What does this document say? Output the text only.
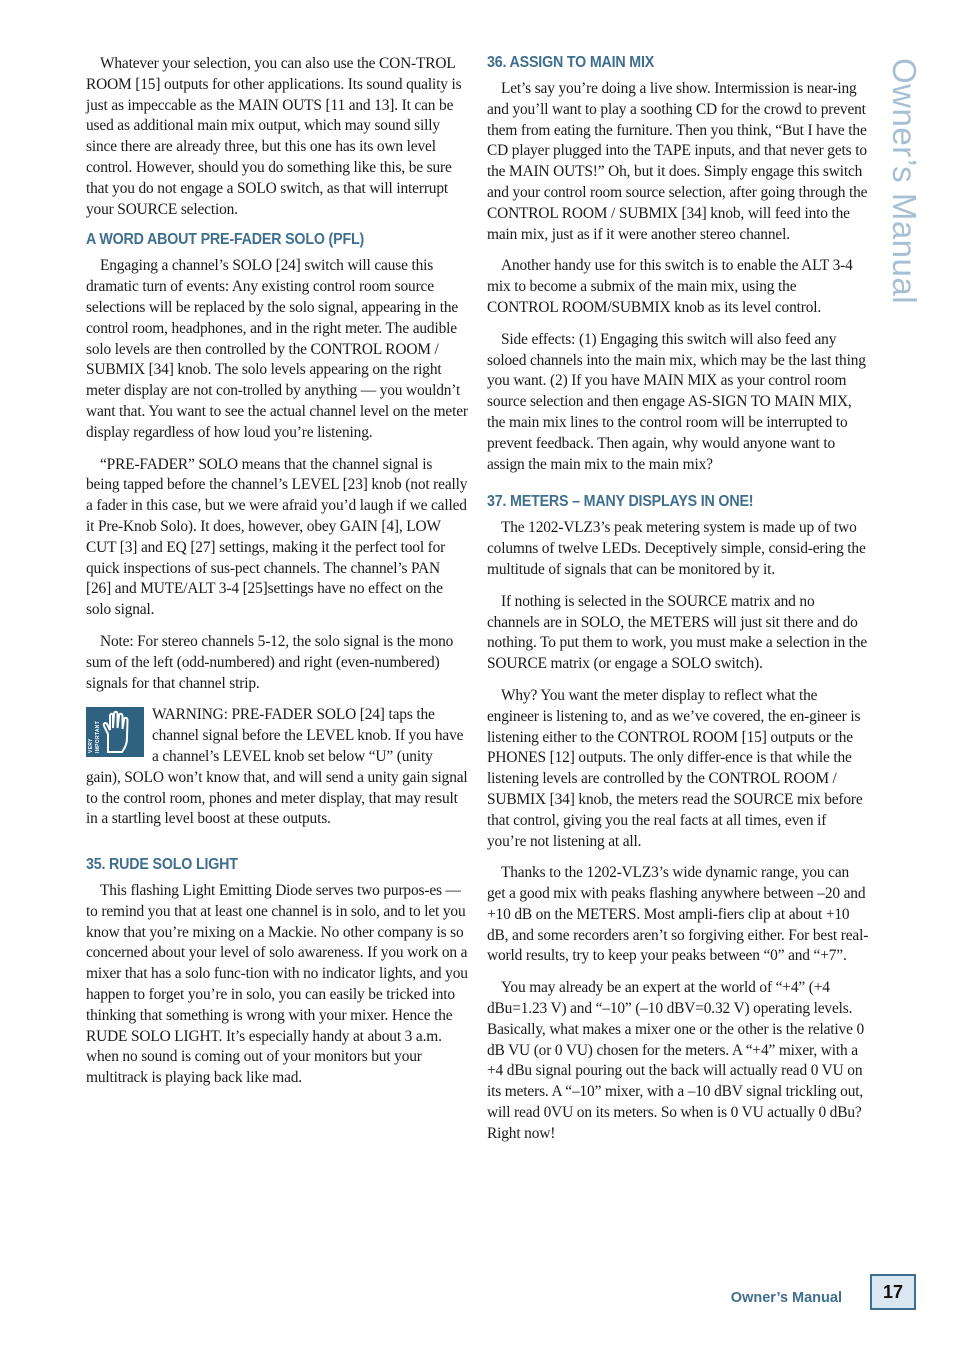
Whatever your selection, you can also use the CON-TROL ROOM [15] outputs for other applications. Its sound quality is just as impeccable as the MAIN OUTS [11 and 13]. It can be used as additional main mix output, which may sound silly since there are already three, but this one has its own level control. However, should you do something like this, be sure that you do not engage a SOLO switch, as that will interrupt your SOURCE selection.

A WORD ABOUT PRE-FADER SOLO (PFL)

Engaging a channel’s SOLO [24] switch will cause this dramatic turn of events: Any existing control room source selections will be replaced by the solo signal, appearing in the control room, headphones, and in the right meter. The audible solo levels are then controlled by the CONTROL ROOM / SUBMIX [34] knob. The solo levels appearing on the right meter display are not con-trolled by anything — you wouldn’t want that. You want to see the actual channel level on the meter display regardless of how loud you’re listening.

“PRE-FADER” SOLO means that the channel signal is being tapped before the channel’s LEVEL [23] knob (not really a fader in this case, but we were afraid you’d laugh if we called it Pre-Knob Solo). It does, however, obey GAIN [4], LOW CUT [3] and EQ [27] settings, making it the perfect tool for quick inspections of sus-pect channels. The channel’s PAN [26] and MUTE/ALT 3-4 [25]settings have no effect on the solo signal.

Note: For stereo channels 5-12, the solo signal is the mono sum of the left (odd-numbered) and right (even-numbered) signals for that channel strip.

VERY IMPORTANT

WARNING: PRE-FADER SOLO [24] taps the channel signal before the LEVEL knob. If you have a channel’s LEVEL knob set below “U” (unity gain), SOLO won’t know that, and will send a unity gain signal to the control room, phones and meter display, that may result in a startling level boost at these outputs.

35. RUDE SOLO LIGHT

This flashing Light Emitting Diode serves two purpos-es — to remind you that at least one channel is in solo, and to let you know that you’re mixing on a Mackie. No other company is so concerned about your level of solo awareness. If you work on a mixer that has a solo func-tion with no indicator lights, and you happen to forget you’re in solo, you can easily be tricked into thinking that something is wrong with your mixer. Hence the RUDE SOLO LIGHT. It’s especially handy at about 3 a.m. when no sound is coming out of your monitors but your multitrack is playing back like mad.

36. ASSIGN TO MAIN MIX

Let’s say you’re doing a live show. Intermission is near-ing and you’ll want to play a soothing CD for the crowd to prevent them from eating the furniture. Then you think, “But I have the CD player plugged into the TAPE inputs, and that never gets to the MAIN OUTS!” Oh, but it does. Simply engage this switch and your control room source selection, after going through the CONTROL ROOM / SUBMIX [34] knob, will feed into the main mix, just as if it were another stereo channel.

Another handy use for this switch is to enable the ALT 3-4 mix to become a submix of the main mix, using the CONTROL ROOM/SUBMIX knob as its level control.

Side effects: (1) Engaging this switch will also feed any soloed channels into the main mix, which may be the last thing you want. (2) If you have MAIN MIX as your control room source selection and then engage AS-SIGN TO MAIN MIX, the main mix lines to the control room will be interrupted to prevent feedback. Then again, why would anyone want to assign the main mix to the main mix?

37. METERS – MANY DISPLAYS IN ONE!

The 1202-VLZ3’s peak metering system is made up of two columns of twelve LEDs. Deceptively simple, consid-ering the multitude of signals that can be monitored by it.

If nothing is selected in the SOURCE matrix and no channels are in SOLO, the METERS will just sit there and do nothing. To put them to work, you must make a selection in the SOURCE matrix (or engage a SOLO switch).

Why? You want the meter display to reflect what the engineer is listening to, and as we’ve covered, the en-gineer is listening either to the CONTROL ROOM [15] outputs or the PHONES [12] outputs. The only differ-ence is that while the listening levels are controlled by the CONTROL ROOM / SUBMIX [34] knob, the meters read the SOURCE mix before that control, giving you the real facts at all times, even if you’re not listening at all.

Thanks to the 1202-VLZ3’s wide dynamic range, you can get a good mix with peaks flashing anywhere between –20 and +10 dB on the METERS. Most ampli-fiers clip at about +10 dB, and some recorders aren’t so forgiving either. For best real-world results, try to keep your peaks between “0” and “+7”.

You may already be an expert at the world of “+4” (+4 dBu=1.23 V) and “–10” (–10 dBV=0.32 V) operating levels. Basically, what makes a mixer one or the other is the relative 0 dB VU (or 0 VU) chosen for the meters. A “+4” mixer, with a +4 dBu signal pouring out the back will actually read 0 VU on its meters. A “–10” mixer, with a –10 dBV signal trickling out, will read 0VU on its meters. So when is 0 VU actually 0 dBu? Right now!

Owner’s Manual
Owner’s Manual	17
